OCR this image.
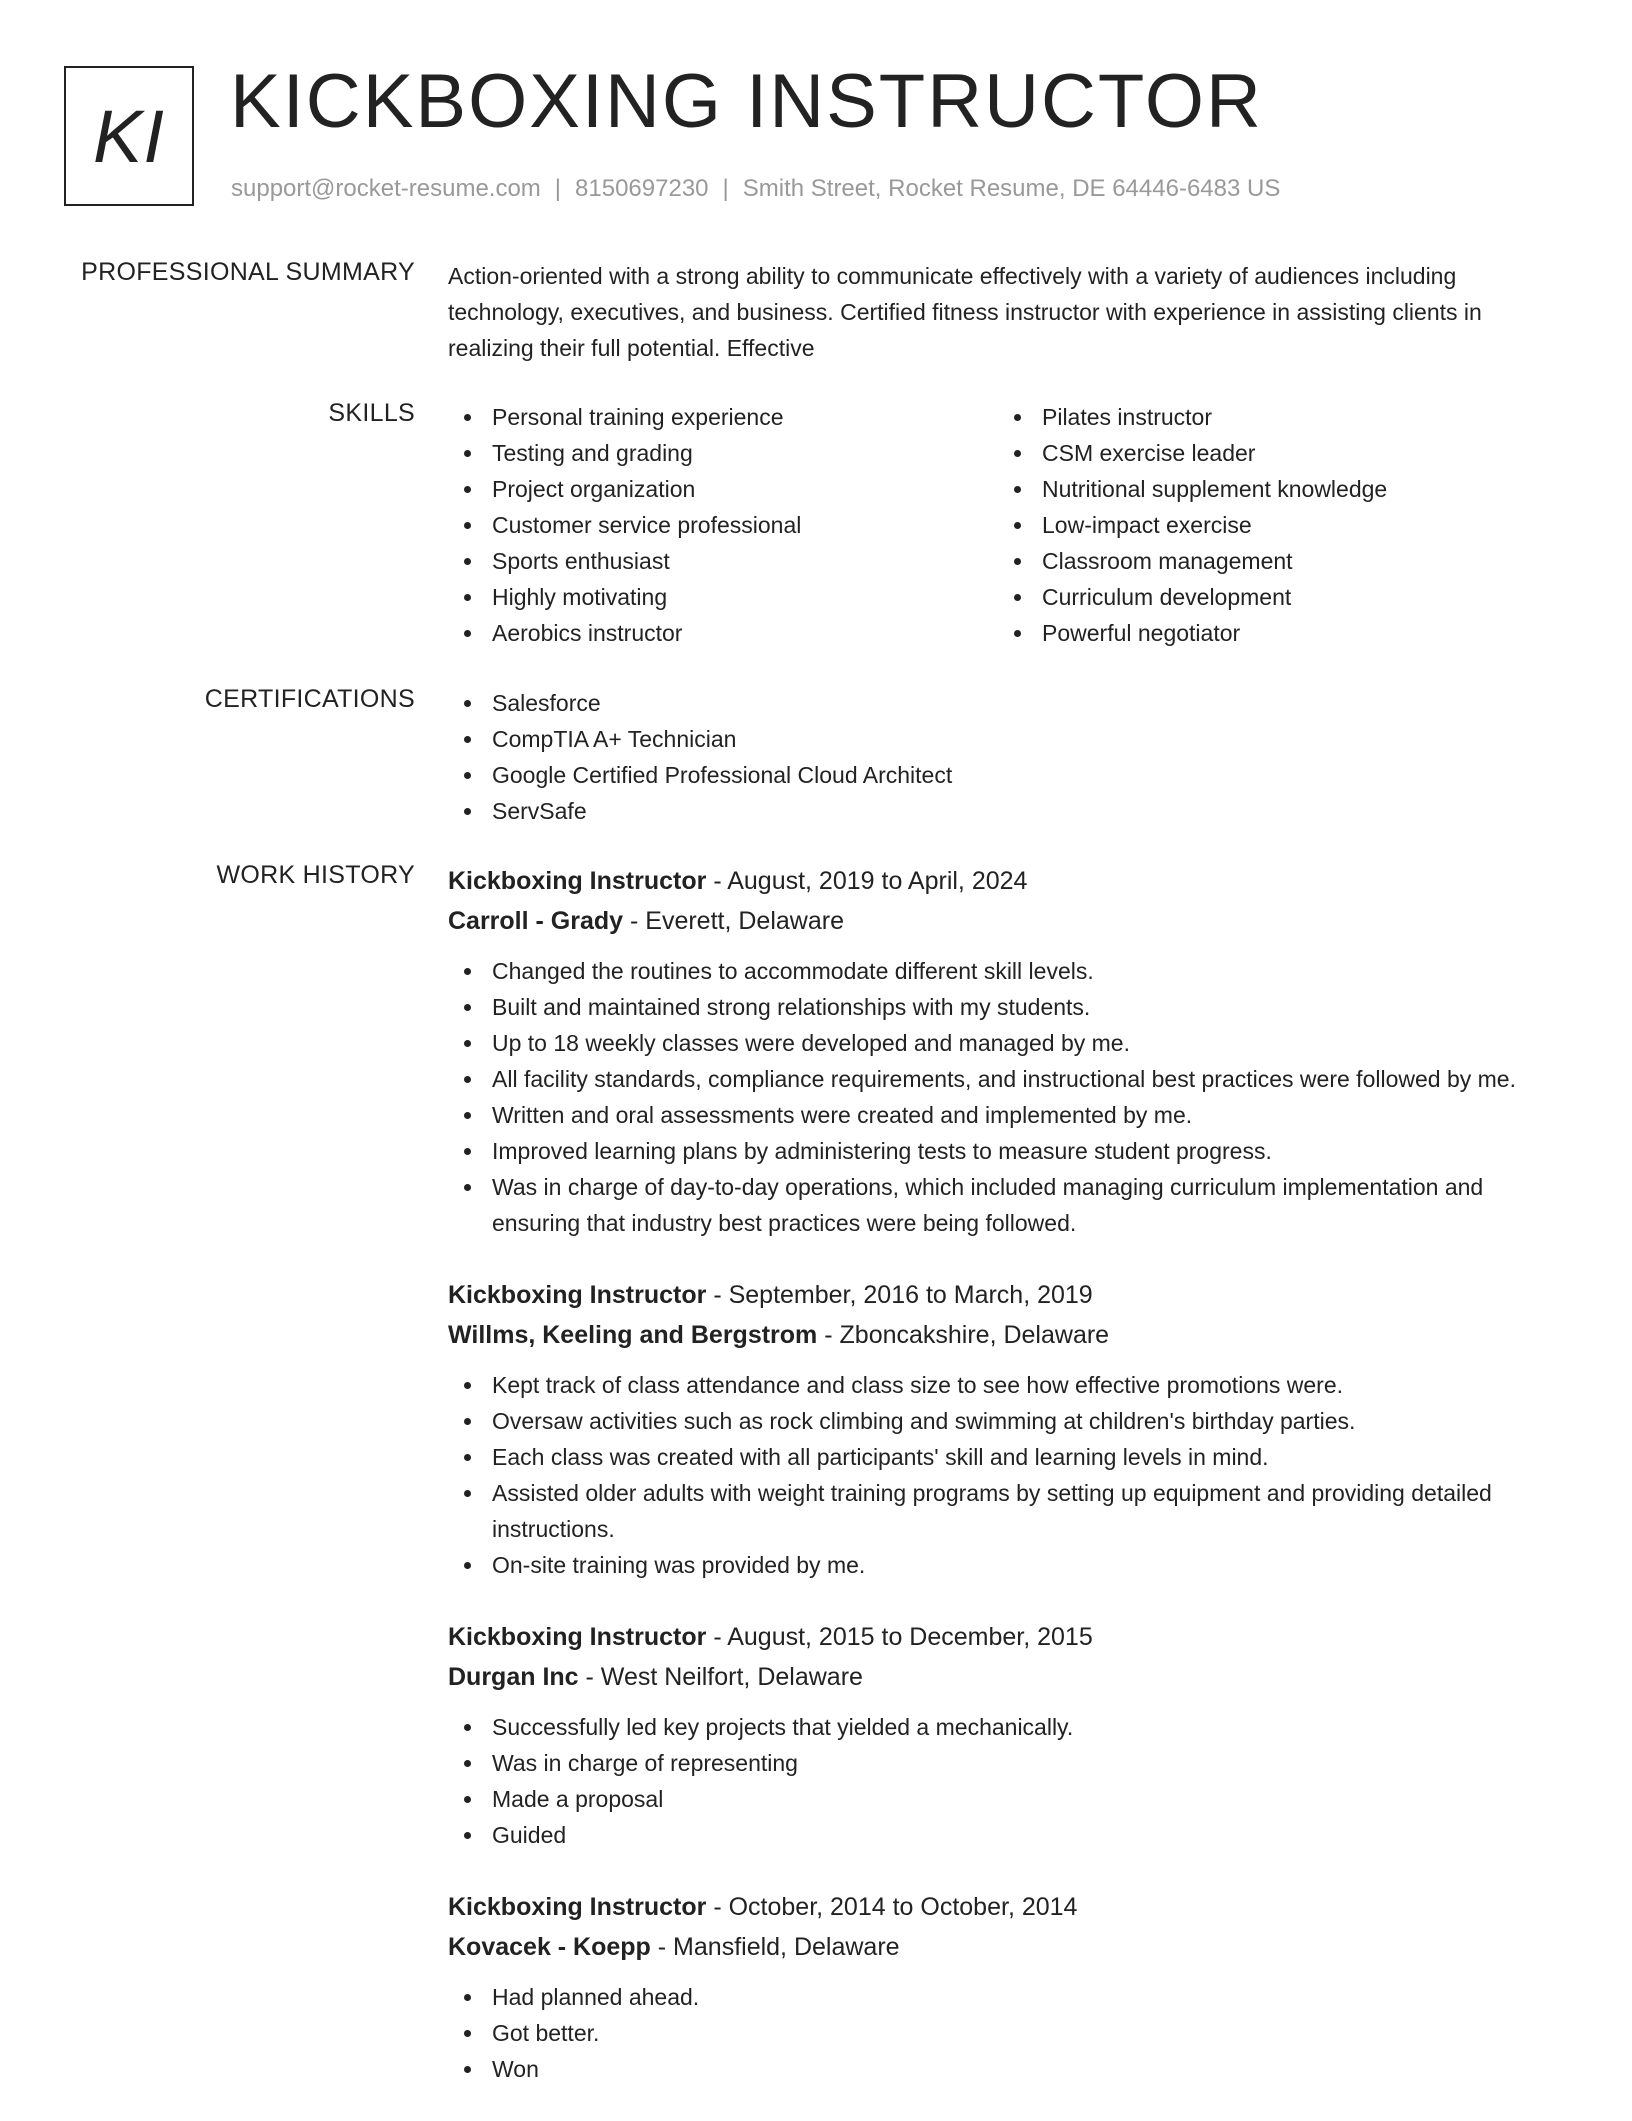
KI KICKBOXING INSTRUCTOR
support@rocket-resume.com | 8150697230 | Smith Street, Rocket Resume, DE 64446-6483 US
PROFESSIONAL SUMMARY Action-oriented with a strong ability to communicate effectively with a variety of audiences including technology, executives, and business. Certified fitness instructor with experience in assisting clients in realizing their full potential. Effective

SKILLS	Personal training experience
Testing and grading
Project organization
Customer service professional
Sports enthusiast
Highly motivating
Aerobics instructor
Pilates instructor
CSM exercise leader
Nutritional supplement knowledge
Low-impact exercise
Classroom management
Curriculum development
Powerful negotiator
CERTIFICATIONS	Salesforce
CompTIA A+ Technician
Google Certified Professional Cloud Architect
ServSafe
WORK HISTORY Kickboxing Instructor - August, 2019 to April, 2024
Carroll - Grady - Everett, Delaware
Changed the routines to accommodate different skill levels.
Built and maintained strong relationships with my students.
Up to 18 weekly classes were developed and managed by me.
All facility standards, compliance requirements, and instructional best practices were followed by me.
Written and oral assessments were created and implemented by me.
Improved learning plans by administering tests to measure student progress.
Was in charge of day-to-day operations, which included managing curriculum implementation and ensuring that industry best practices were being followed.
Kickboxing Instructor - September, 2016 to March, 2019
Willms, Keeling and Bergstrom - Zboncakshire, Delaware
Kept track of class attendance and class size to see how effective promotions were.
Oversaw activities such as rock climbing and swimming at children's birthday parties.
Each class was created with all participants' skill and learning levels in mind.
Assisted older adults with weight training programs by setting up equipment and providing detailed instructions.
On-site training was provided by me.
Kickboxing Instructor - August, 2015 to December, 2015
Durgan Inc - West Neilfort, Delaware
Successfully led key projects that yielded a mechanically.
Was in charge of representing
Made a proposal
Guided
Kickboxing Instructor - October, 2014 to October, 2014
Kovacek - Koepp - Mansfield, Delaware
Had planned ahead.
Got better.
Won
